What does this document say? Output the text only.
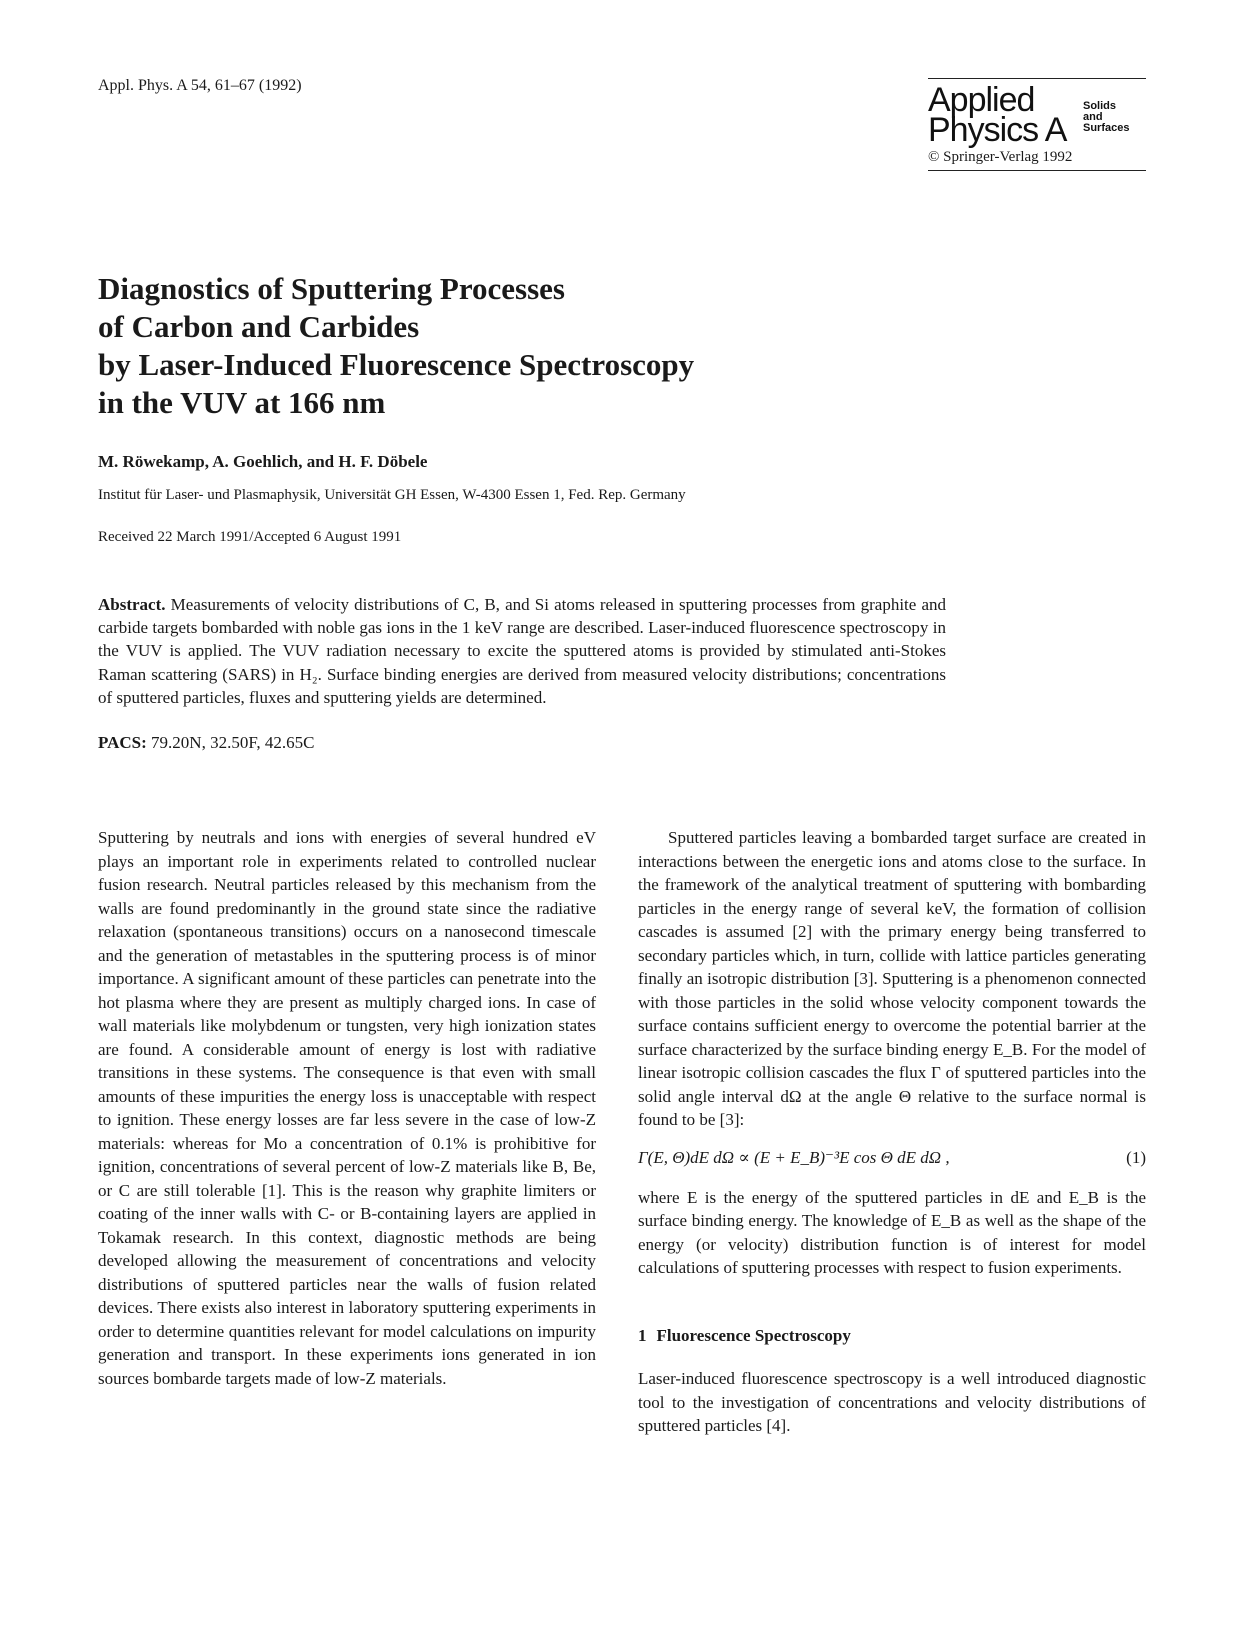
Appl. Phys. A 54, 61–67 (1992)	Applied
Physics A
Solids
and
Surfaces
© Springer-Verlag 1992
Diagnostics of Sputtering Processes
of Carbon and Carbides
by Laser-Induced Fluorescence Spectroscopy
in the VUV at 166 nm
M. Röwekamp, A. Goehlich, and H. F. Döbele
Institut für Laser- und Plasmaphysik, Universität GH Essen, W-4300 Essen 1, Fed. Rep. Germany
Received 22 March 1991/Accepted 6 August 1991

Abstract. Measurements of velocity distributions of C, B, and Si atoms released in sputtering processes from graphite and carbide targets bombarded with noble gas ions in the 1 keV range are described. Laser-induced fluorescence spectroscopy in the VUV is applied. The VUV radiation necessary to excite the sputtered atoms is provided by stimulated anti-Stokes Raman scattering (SARS) in H₂. Surface binding energies are derived from measured velocity distributions; concentrations of sputtered particles, fluxes and sputtering yields are determined.

PACS: 79.20N, 32.50F, 42.65C

Sputtering by neutrals and ions with energies of several hundred eV plays an important role in experiments related to controlled nuclear fusion research. Neutral particles released by this mechanism from the walls are found predominantly in the ground state since the radiative relaxation (spontaneous transitions) occurs on a nanosecond timescale and the generation of metastables in the sputtering process is of minor importance. A significant amount of these particles can penetrate into the hot plasma where they are present as multiply charged ions. In case of wall materials like molybdenum or tungsten, very high ionization states are found. A considerable amount of energy is lost with radiative transitions in these systems. The consequence is that even with small amounts of these impurities the energy loss is unacceptable with respect to ignition. These energy losses are far less severe in the case of low-Z materials: whereas for Mo a concentration of 0.1% is prohibitive for ignition, concentrations of several percent of low-Z materials like B, Be, or C are still tolerable [1]. This is the reason why graphite limiters or coating of the inner walls with C- or B-containing layers are applied in Tokamak research. In this context, diagnostic methods are being developed allowing the measurement of concentrations and velocity distributions of sputtered particles near the walls of fusion related devices. There exists also interest in laboratory sputtering experiments in order to determine quantities relevant for model calculations on impurity generation and transport. In these experiments ions generated in ion sources bombarde targets made of low-Z materials.

Sputtered particles leaving a bombarded target surface are created in interactions between the energetic ions and atoms close to the surface. In the framework of the analytical treatment of sputtering with bombarding particles in the energy range of several keV, the formation of collision cascades is assumed [2] with the primary energy being transferred to secondary particles which, in turn, collide with lattice particles generating finally an isotropic distribution [3]. Sputtering is a phenomenon connected with those particles in the solid whose velocity component towards the surface contains sufficient energy to overcome the potential barrier at the surface characterized by the surface binding energy E_B. For the model of linear isotropic collision cascades the flux Γ of sputtered particles into the solid angle interval dΩ at the angle Θ relative to the surface normal is found to be [3]:

Γ(E, Θ)dE dΩ ∝ (E + E_B)⁻³E cos Θ dE dΩ ,	(1)

where E is the energy of the sputtered particles in dE and E_B is the surface binding energy. The knowledge of E_B as well as the shape of the energy (or velocity) distribution function is of interest for model calculations of sputtering processes with respect to fusion experiments.

1 Fluorescence Spectroscopy

Laser-induced fluorescence spectroscopy is a well introduced diagnostic tool to the investigation of concentrations and velocity distributions of sputtered particles [4].
